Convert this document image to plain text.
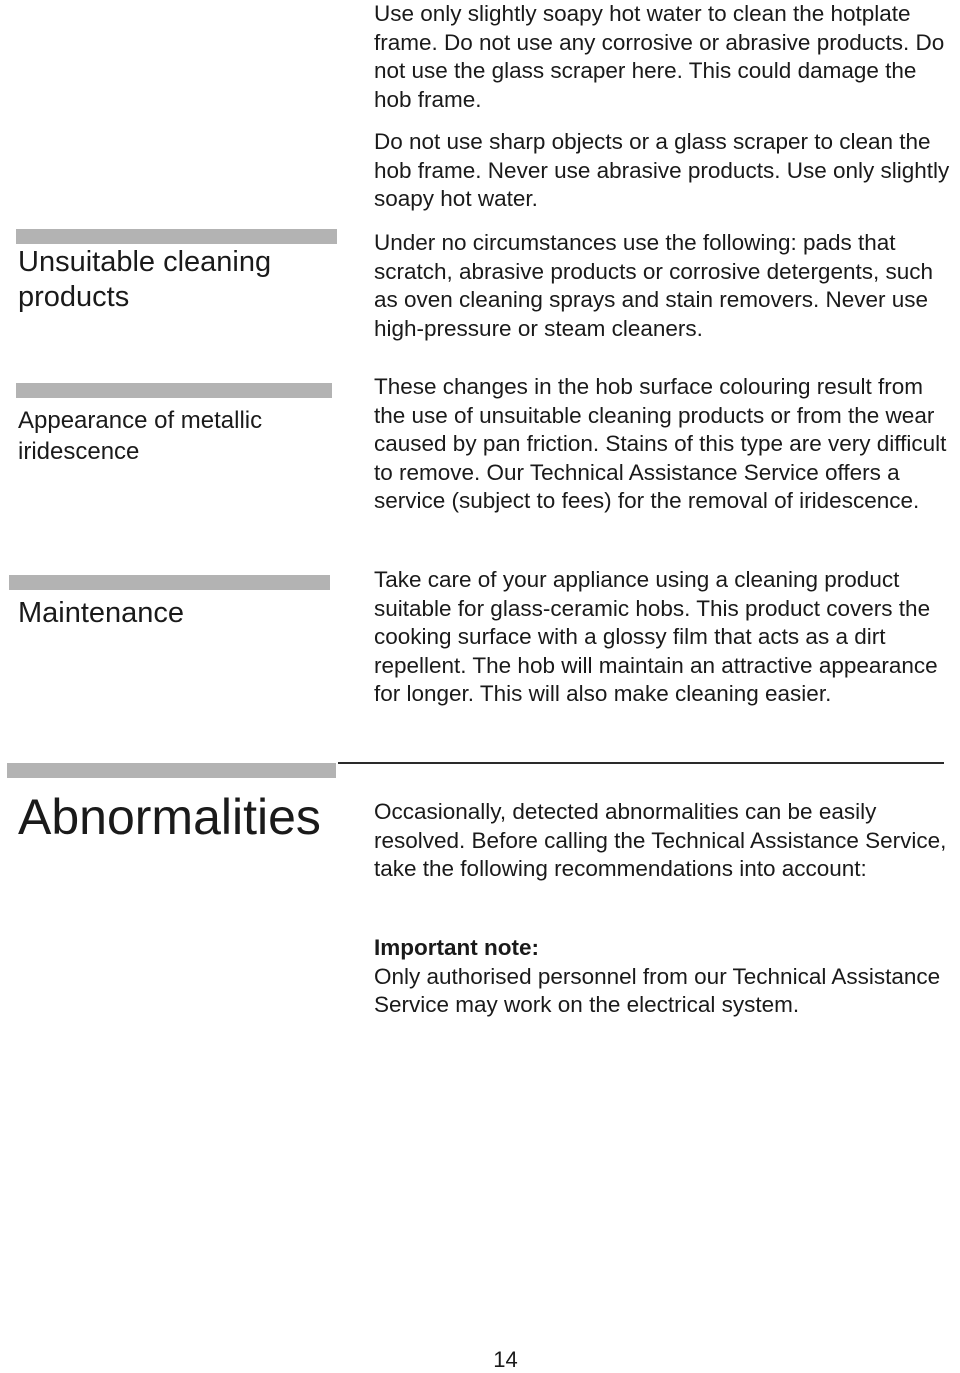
Use only slightly soapy hot water to clean the hotplate frame. Do not use any corrosive or abrasive products. Do not use the glass scraper here. This could damage the hob frame.

Do not use sharp objects or a glass scraper to clean the hob frame. Never use abrasive products. Use only slightly soapy hot water.

Unsuitable cleaning
products

Under no circumstances use the following: pads that scratch, abrasive products or corrosive detergents, such as oven cleaning sprays and stain removers. Never use high-pressure or steam cleaners.

Appearance of metallic
iridescence

These changes in the hob surface colouring result from the use of unsuitable cleaning products or from the wear caused by pan friction. Stains of this type are very difficult to remove. Our Technical Assistance Service offers a service (subject to fees) for the removal of iridescence.

Maintenance

Take care of your appliance using a cleaning product suitable for glass-ceramic hobs. This product covers the cooking surface with a glossy film that acts as a dirt repellent. The hob will maintain an attractive appearance for longer. This will also make cleaning easier.

Abnormalities Occasionally, detected abnormalities can be easily resolved. Before calling the Technical Assistance Service, take the following recommendations into account:

Important note:

Only authorised personnel from our Technical Assistance Service may work on the electrical system.

14
